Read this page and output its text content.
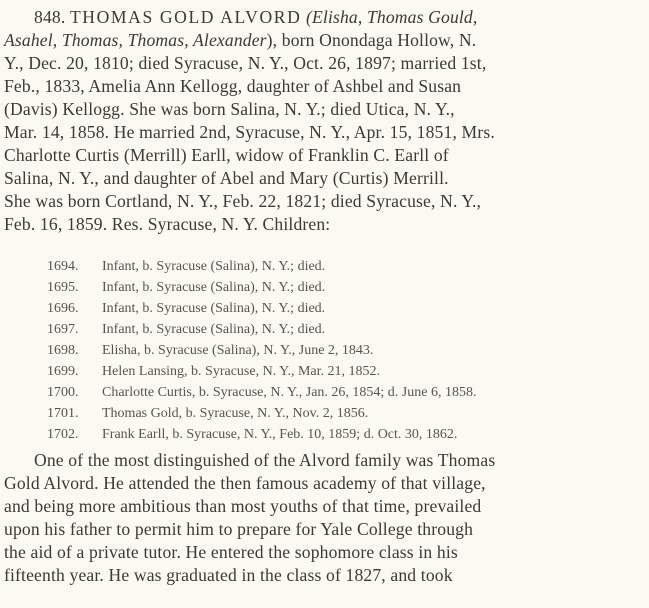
848. THOMAS GOLD ALVORD (Elisha, Thomas Gould,
Asahel, Thomas, Thomas, Alexander), born Onondaga Hollow, N.
Y., Dec. 20, 1810; died Syracuse, N. Y., Oct. 26, 1897; married 1st,
Feb., 1833, Amelia Ann Kellogg, daughter of Ashbel and Susan
(Davis) Kellogg. She was born Salina, N. Y.; died Utica, N. Y.,
Mar. 14, 1858. He married 2nd, Syracuse, N. Y., Apr. 15, 1851, Mrs.
Charlotte Curtis (Merrill) Earll, widow of Franklin C. Earll of
Salina, N. Y., and daughter of Abel and Mary (Curtis) Merrill.
She was born Cortland, N. Y., Feb. 22, 1821; died Syracuse, N. Y.,
Feb. 16, 1859. Res. Syracuse, N. Y. Children:
1694. Infant, b. Syracuse (Salina), N. Y.; died.
1695. Infant, b. Syracuse (Salina), N. Y.; died.
1696. Infant, b. Syracuse (Salina), N. Y.; died.
1697. Infant, b. Syracuse (Salina), N. Y.; died.
1698. Elisha, b. Syracuse (Salina), N. Y., June 2, 1843.
1699. Helen Lansing, b. Syracuse, N. Y., Mar. 21, 1852.
1700. Charlotte Curtis, b. Syracuse, N. Y., Jan. 26, 1854; d. June 6, 1858.
1701. Thomas Gold, b. Syracuse, N. Y., Nov. 2, 1856.
1702. Frank Earll, b. Syracuse, N. Y., Feb. 10, 1859; d. Oct. 30, 1862.
One of the most distinguished of the Alvord family was Thomas
Gold Alvord. He attended the then famous academy of that village,
and being more ambitious than most youths of that time, prevailed
upon his father to permit him to prepare for Yale College through
the aid of a private tutor. He entered the sophomore class in his
fifteenth year. He was graduated in the class of 1827, and took
